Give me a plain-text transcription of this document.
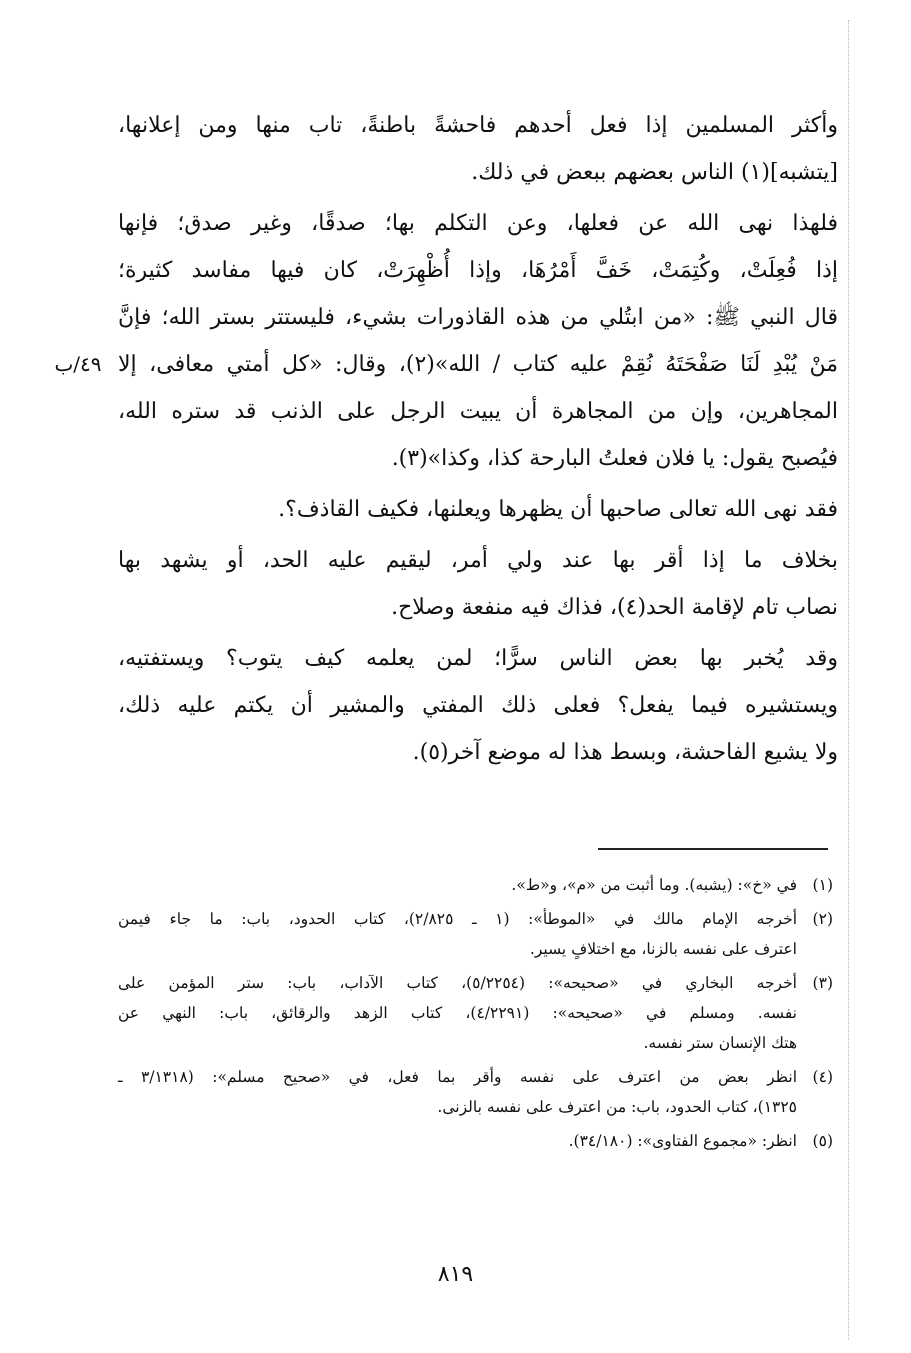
٤٩/ب
وأكثر المسلمين إذا فعل أحدهم فاحشةً باطنةً، تاب منها ومن إعلانها،
[يتشبه](١) الناس بعضهم ببعض في ذلك.
فلهذا نهى الله عن فعلها، وعن التكلم بها؛ صدقًا، وغير صدق؛ فإنها
إذا فُعِلَتْ، وكُتِمَتْ، خَفَّ أَمْرُهَا، وإذا أُظْهِرَتْ، كان فيها مفاسد كثيرة؛
قال النبي ﷺ: «من ابتُلي من هذه القاذورات بشيء، فليستتر بستر الله؛ فإنَّ
مَنْ يُبْدِ لَنَا صَفْحَتَهُ نُقِمْ عليه كتاب / الله»(٢)، وقال: «كل أمتي معافى، إلا
المجاهرين، وإن من المجاهرة أن يبيت الرجل على الذنب قد ستره الله،
فيُصبح يقول: يا فلان فعلتُ البارحة كذا، وكذا»(٣).
فقد نهى الله تعالى صاحبها أن يظهرها ويعلنها، فكيف القاذف؟.
بخلاف ما إذا أقر بها عند ولي أمر، ليقيم عليه الحد، أو يشهد بها
نصاب تام لإقامة الحد(٤)، فذاك فيه منفعة وصلاح.
وقد يُخبر بها بعض الناس سرًّا؛ لمن يعلمه كيف يتوب؟ ويستفتيه،
ويستشيره فيما يفعل؟ فعلى ذلك المفتي والمشير أن يكتم عليه ذلك،
ولا يشيع الفاحشة، وبسط هذا له موضع آخر(٥).
(١)
في «خ»: (يشبه). وما أثبت من «م»، و«ط».
(٢)
أخرجه الإمام مالك في «الموطأ»: (١ ـ ٢/٨٢٥)، كتاب الحدود، باب: ما جاء فيمن
اعترف على نفسه بالزنا، مع اختلافٍ يسير.
(٣)
أخرجه البخاري في «صحيحه»: (٥/٢٢٥٤)، كتاب الآداب، باب: ستر المؤمن على
نفسه. ومسلم في «صحيحه»: (٤/٢٢٩١)، كتاب الزهد والرقائق، باب: النهي عن
هتك الإنسان ستر نفسه.
(٤)
انظر بعض من اعترف على نفسه وأقر بما فعل، في «صحيح مسلم»: (٣/١٣١٨ ـ
١٣٢٥)، كتاب الحدود، باب: من اعترف على نفسه بالزنى.
(٥)
انظر: «مجموع الفتاوى»: (٣٤/١٨٠).
٨١٩
